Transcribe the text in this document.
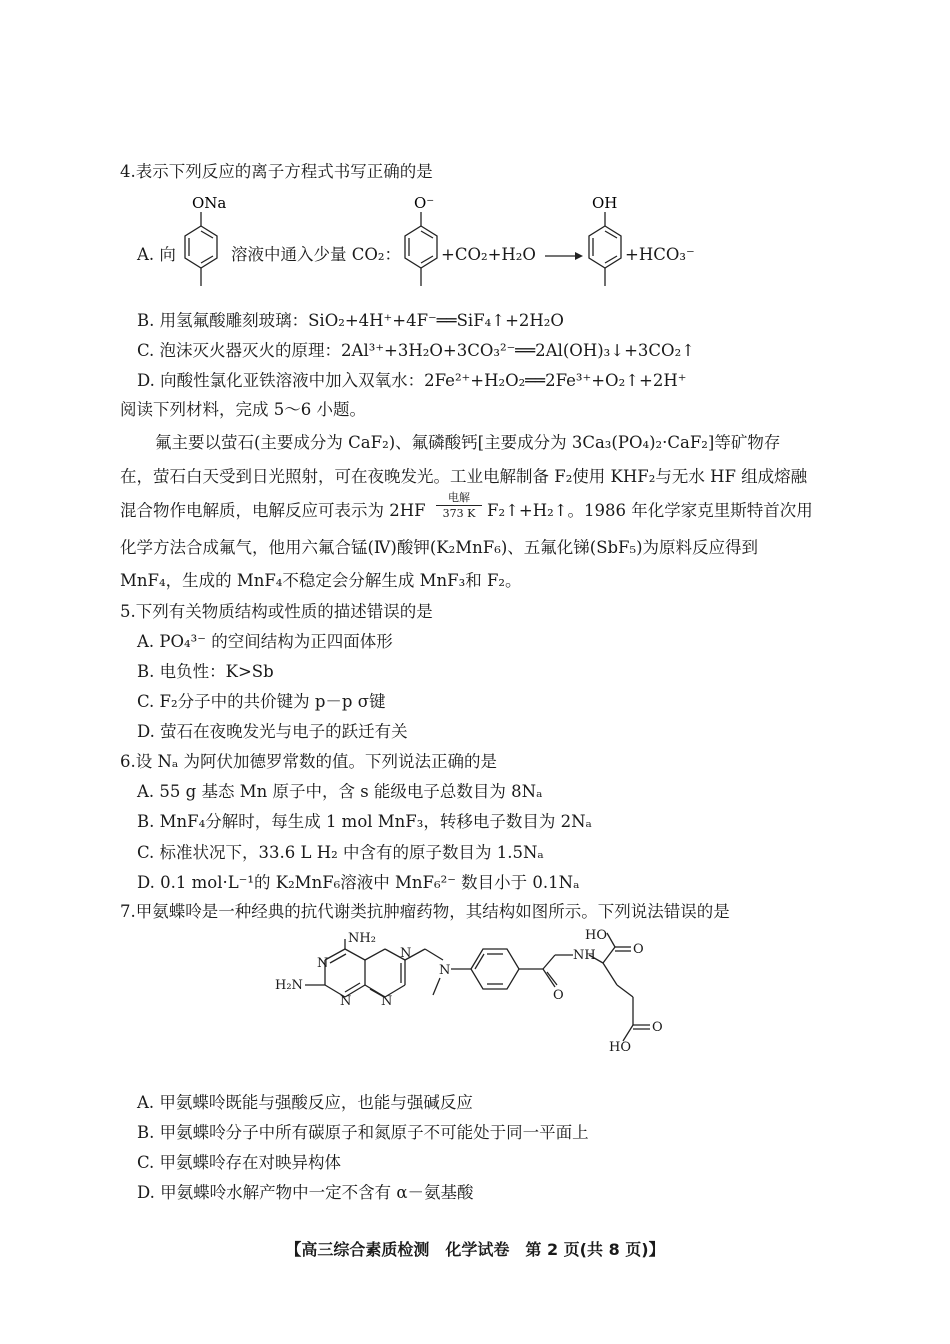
4.表示下列反应的离子方程式书写正确的是
A. 向
ONa
溶液中通入少量 CO₂：
O⁻
+CO₂+H₂O →
OH
+HCO₃⁻
B. 用氢氟酸雕刻玻璃：SiO₂+4H⁺+4F⁻══SiF₄↑+2H₂O
C. 泡沫灭火器灭火的原理：2Al³⁺+3H₂O+3CO₃²⁻══2Al(OH)₃↓+3CO₂↑
D. 向酸性氯化亚铁溶液中加入双氧水：2Fe²⁺+H₂O₂══2Fe³⁺+O₂↑+2H⁺
阅读下列材料，完成 5～6 小题。
氟主要以萤石(主要成分为 CaF₂)、氟磷酸钙[主要成分为 3Ca₃(PO₄)₂·CaF₂]等矿物存
在，萤石白天受到日光照射，可在夜晚发光。工业电解制备 F₂使用 KHF₂与无水 HF 组成熔融
混合物作电解质，电解反应可表示为 2HF
电解
373 K F₂↑+H₂↑。1986 年化学家克里斯特首次用
化学方法合成氟气，他用六氟合锰(Ⅳ)酸钾(K₂MnF₆)、五氟化锑(SbF₅)为原料反应得到
MnF₄，生成的 MnF₄不稳定会分解生成 MnF₃和 F₂。
5.下列有关物质结构或性质的描述错误的是
A. PO₄³⁻ 的空间结构为正四面体形
B. 电负性：K>Sb
C. F₂分子中的共价键为 p－p σ键
D. 萤石在夜晚发光与电子的跃迁有关
6.设 Nₐ 为阿伏加德罗常数的值。下列说法正确的是
A. 55 g 基态 Mn 原子中，含 s 能级电子总数目为 8Nₐ
B. MnF₄分解时，每生成 1 mol MnF₃，转移电子数目为 2Nₐ
C. 标准状况下，33.6 L H₂ 中含有的原子数目为 1.5Nₐ
D. 0.1 mol·L⁻¹的 K₂MnF₆溶液中 MnF₆²⁻ 数目小于 0.1Nₐ
7.甲氨蝶呤是一种经典的抗代谢类抗肿瘤药物，其结构如图所示。下列说法错误的是
NH₂
H₂N
N
N N
N
N
NH
O
HO
O
O
HO
A. 甲氨蝶呤既能与强酸反应，也能与强碱反应
B. 甲氨蝶呤分子中所有碳原子和氮原子不可能处于同一平面上
C. 甲氨蝶呤存在对映异构体
D. 甲氨蝶呤水解产物中一定不含有 α－氨基酸
【高三综合素质检测　化学试卷　第 2 页(共 8 页)】
